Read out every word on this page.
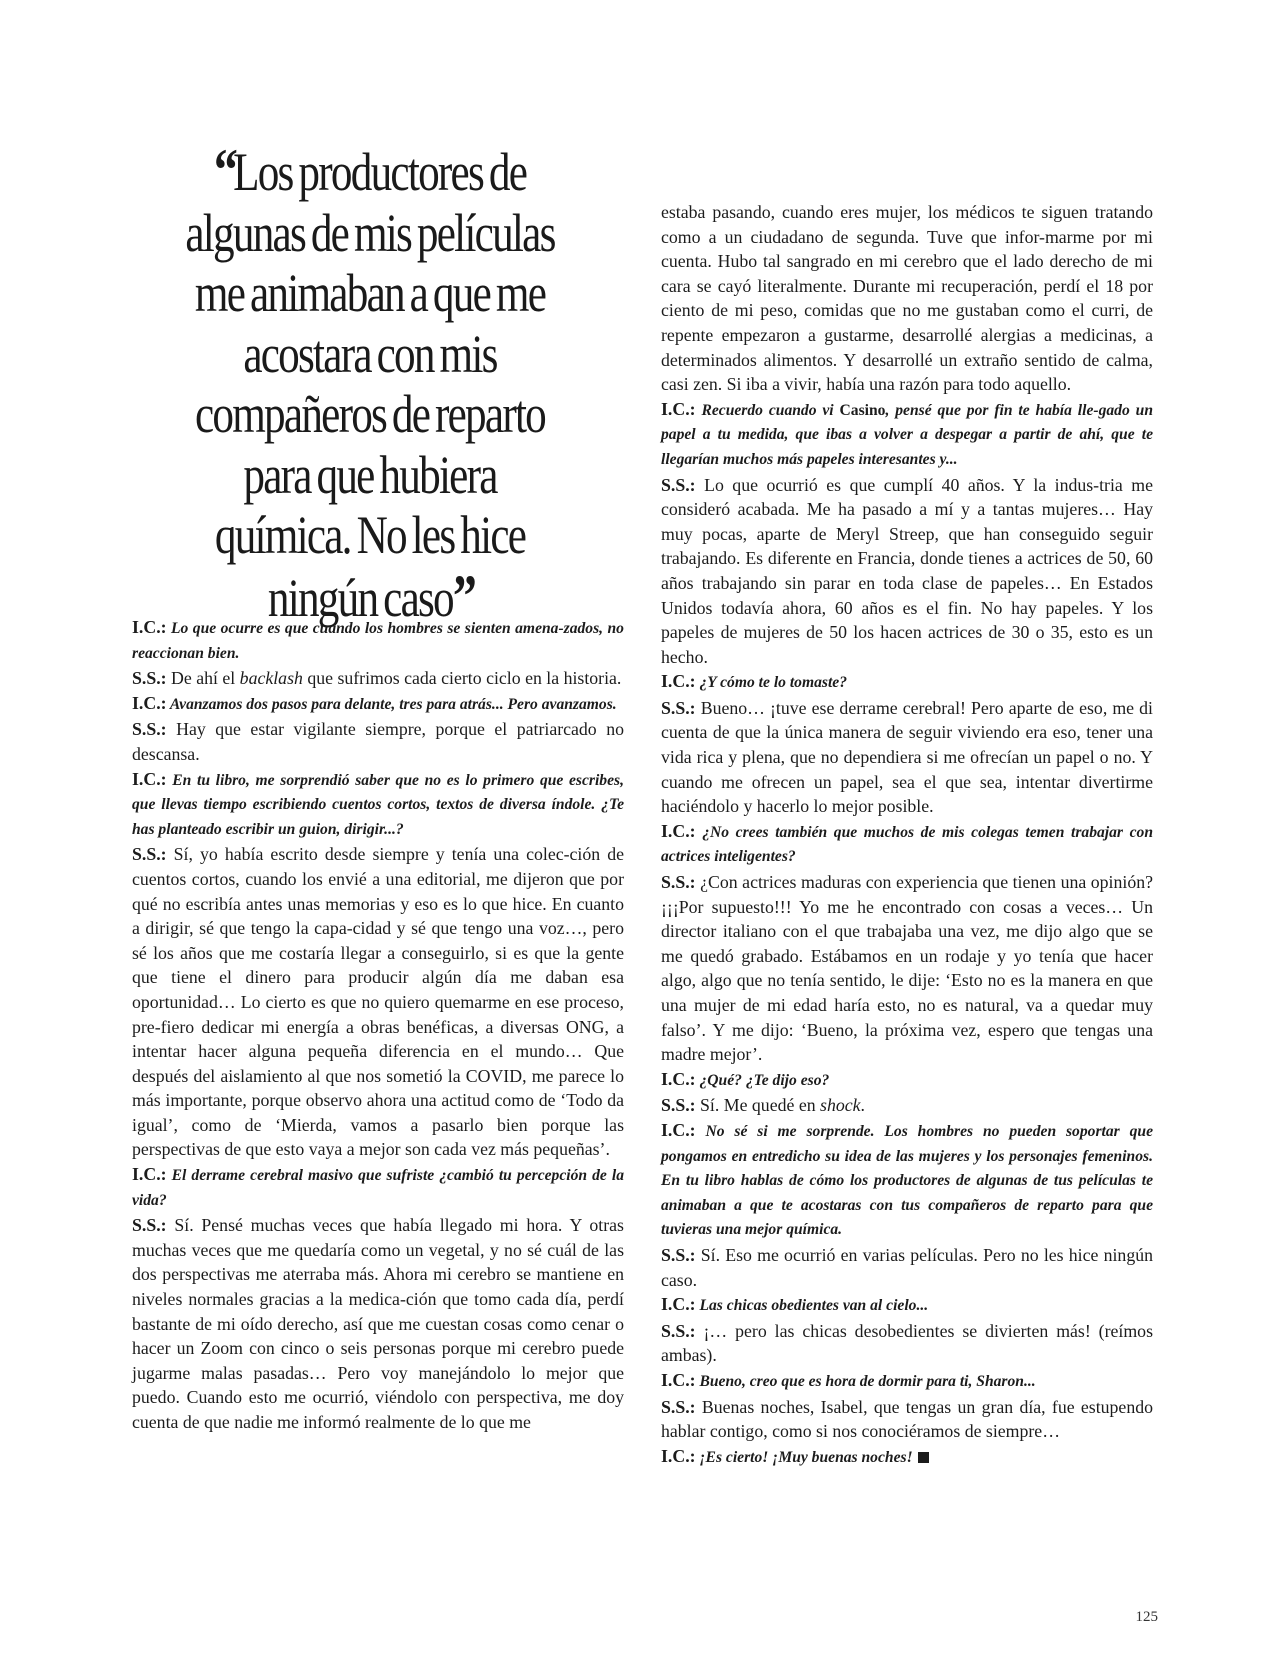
“Los productores de algunas de mis películas me animaban a que me acostara con mis compañeros de reparto para que hubiera química. No les hice ningún caso”

I.C.: Lo que ocurre es que cuando los hombres se sienten amena-zados, no reaccionan bien.

S.S.: De ahí el backlash que sufrimos cada cierto ciclo en la historia.

I.C.: Avanzamos dos pasos para delante, tres para atrás... Pero avanzamos.

S.S.: Hay que estar vigilante siempre, porque el patriarcado no descansa.

I.C.: En tu libro, me sorprendió saber que no es lo primero que escribes, que llevas tiempo escribiendo cuentos cortos, textos de diversa índole. ¿Te has planteado escribir un guion, dirigir...?

S.S.: Sí, yo había escrito desde siempre y tenía una colec-ción de cuentos cortos, cuando los envié a una editorial, me dijeron que por qué no escribía antes unas memorias y eso es lo que hice. En cuanto a dirigir, sé que tengo la capa-cidad y sé que tengo una voz…, pero sé los años que me costaría llegar a conseguirlo, si es que la gente que tiene el dinero para producir algún día me daban esa oportunidad… Lo cierto es que no quiero quemarme en ese proceso, pre-fiero dedicar mi energía a obras benéficas, a diversas ONG, a intentar hacer alguna pequeña diferencia en el mundo… Que después del aislamiento al que nos sometió la COVID, me parece lo más importante, porque observo ahora una actitud como de ‘Todo da igual’, como de ‘Mierda, vamos a pasarlo bien porque las perspectivas de que esto vaya a mejor son cada vez más pequeñas’.

I.C.: El derrame cerebral masivo que sufriste ¿cambió tu percepción de la vida?

S.S.: Sí. Pensé muchas veces que había llegado mi hora. Y otras muchas veces que me quedaría como un vegetal, y no sé cuál de las dos perspectivas me aterraba más. Ahora mi cerebro se mantiene en niveles normales gracias a la medica-ción que tomo cada día, perdí bastante de mi oído derecho, así que me cuestan cosas como cenar o hacer un Zoom con cinco o seis personas porque mi cerebro puede jugarme malas pasadas… Pero voy manejándolo lo mejor que puedo. Cuando esto me ocurrió, viéndolo con perspectiva, me doy cuenta de que nadie me informó realmente de lo que me

estaba pasando, cuando eres mujer, los médicos te siguen tratando como a un ciudadano de segunda. Tuve que infor-marme por mi cuenta. Hubo tal sangrado en mi cerebro que el lado derecho de mi cara se cayó literalmente. Durante mi recuperación, perdí el 18 por ciento de mi peso, comidas que no me gustaban como el curri, de repente empezaron a gustarme, desarrollé alergias a medicinas, a determinados alimentos. Y desarrollé un extraño sentido de calma, casi zen. Si iba a vivir, había una razón para todo aquello.

I.C.: Recuerdo cuando vi Casino, pensé que por fin te había lle-gado un papel a tu medida, que ibas a volver a despegar a partir de ahí, que te llegarían muchos más papeles interesantes y...

S.S.: Lo que ocurrió es que cumplí 40 años. Y la indus-tria me consideró acabada. Me ha pasado a mí y a tantas mujeres… Hay muy pocas, aparte de Meryl Streep, que han conseguido seguir trabajando. Es diferente en Francia, donde tienes a actrices de 50, 60 años trabajando sin parar en toda clase de papeles… En Estados Unidos todavía ahora, 60 años es el fin. No hay papeles. Y los papeles de mujeres de 50 los hacen actrices de 30 o 35, esto es un hecho.

I.C.: ¿Y cómo te lo tomaste?

S.S.: Bueno… ¡tuve ese derrame cerebral! Pero aparte de eso, me di cuenta de que la única manera de seguir viviendo era eso, tener una vida rica y plena, que no dependiera si me ofrecían un papel o no. Y cuando me ofrecen un papel, sea el que sea, intentar divertirme haciéndolo y hacerlo lo mejor posible.

I.C.: ¿No crees también que muchos de mis colegas temen trabajar con actrices inteligentes?

S.S.: ¿Con actrices maduras con experiencia que tienen una opinión? ¡¡¡Por supuesto!!! Yo me he encontrado con cosas a veces… Un director italiano con el que trabajaba una vez, me dijo algo que se me quedó grabado. Estábamos en un rodaje y yo tenía que hacer algo, algo que no tenía sentido, le dije: ‘Esto no es la manera en que una mujer de mi edad haría esto, no es natural, va a quedar muy falso’. Y me dijo: ‘Bueno, la próxima vez, espero que tengas una madre mejor’.

I.C.: ¿Qué? ¿Te dijo eso?

S.S.: Sí. Me quedé en shock.

I.C.: No sé si me sorprende. Los hombres no pueden soportar que pongamos en entredicho su idea de las mujeres y los personajes femeninos. En tu libro hablas de cómo los productores de algunas de tus películas te animaban a que te acostaras con tus compañeros de reparto para que tuvieras una mejor química.

S.S.: Sí. Eso me ocurrió en varias películas. Pero no les hice ningún caso.

I.C.: Las chicas obedientes van al cielo...

S.S.: ¡… pero las chicas desobedientes se divierten más! (reímos ambas).

I.C.: Bueno, creo que es hora de dormir para ti, Sharon...

S.S.: Buenas noches, Isabel, que tengas un gran día, fue estupendo hablar contigo, como si nos conociéramos de siempre…

I.C.: ¡Es cierto! ¡Muy buenas noches!

125
